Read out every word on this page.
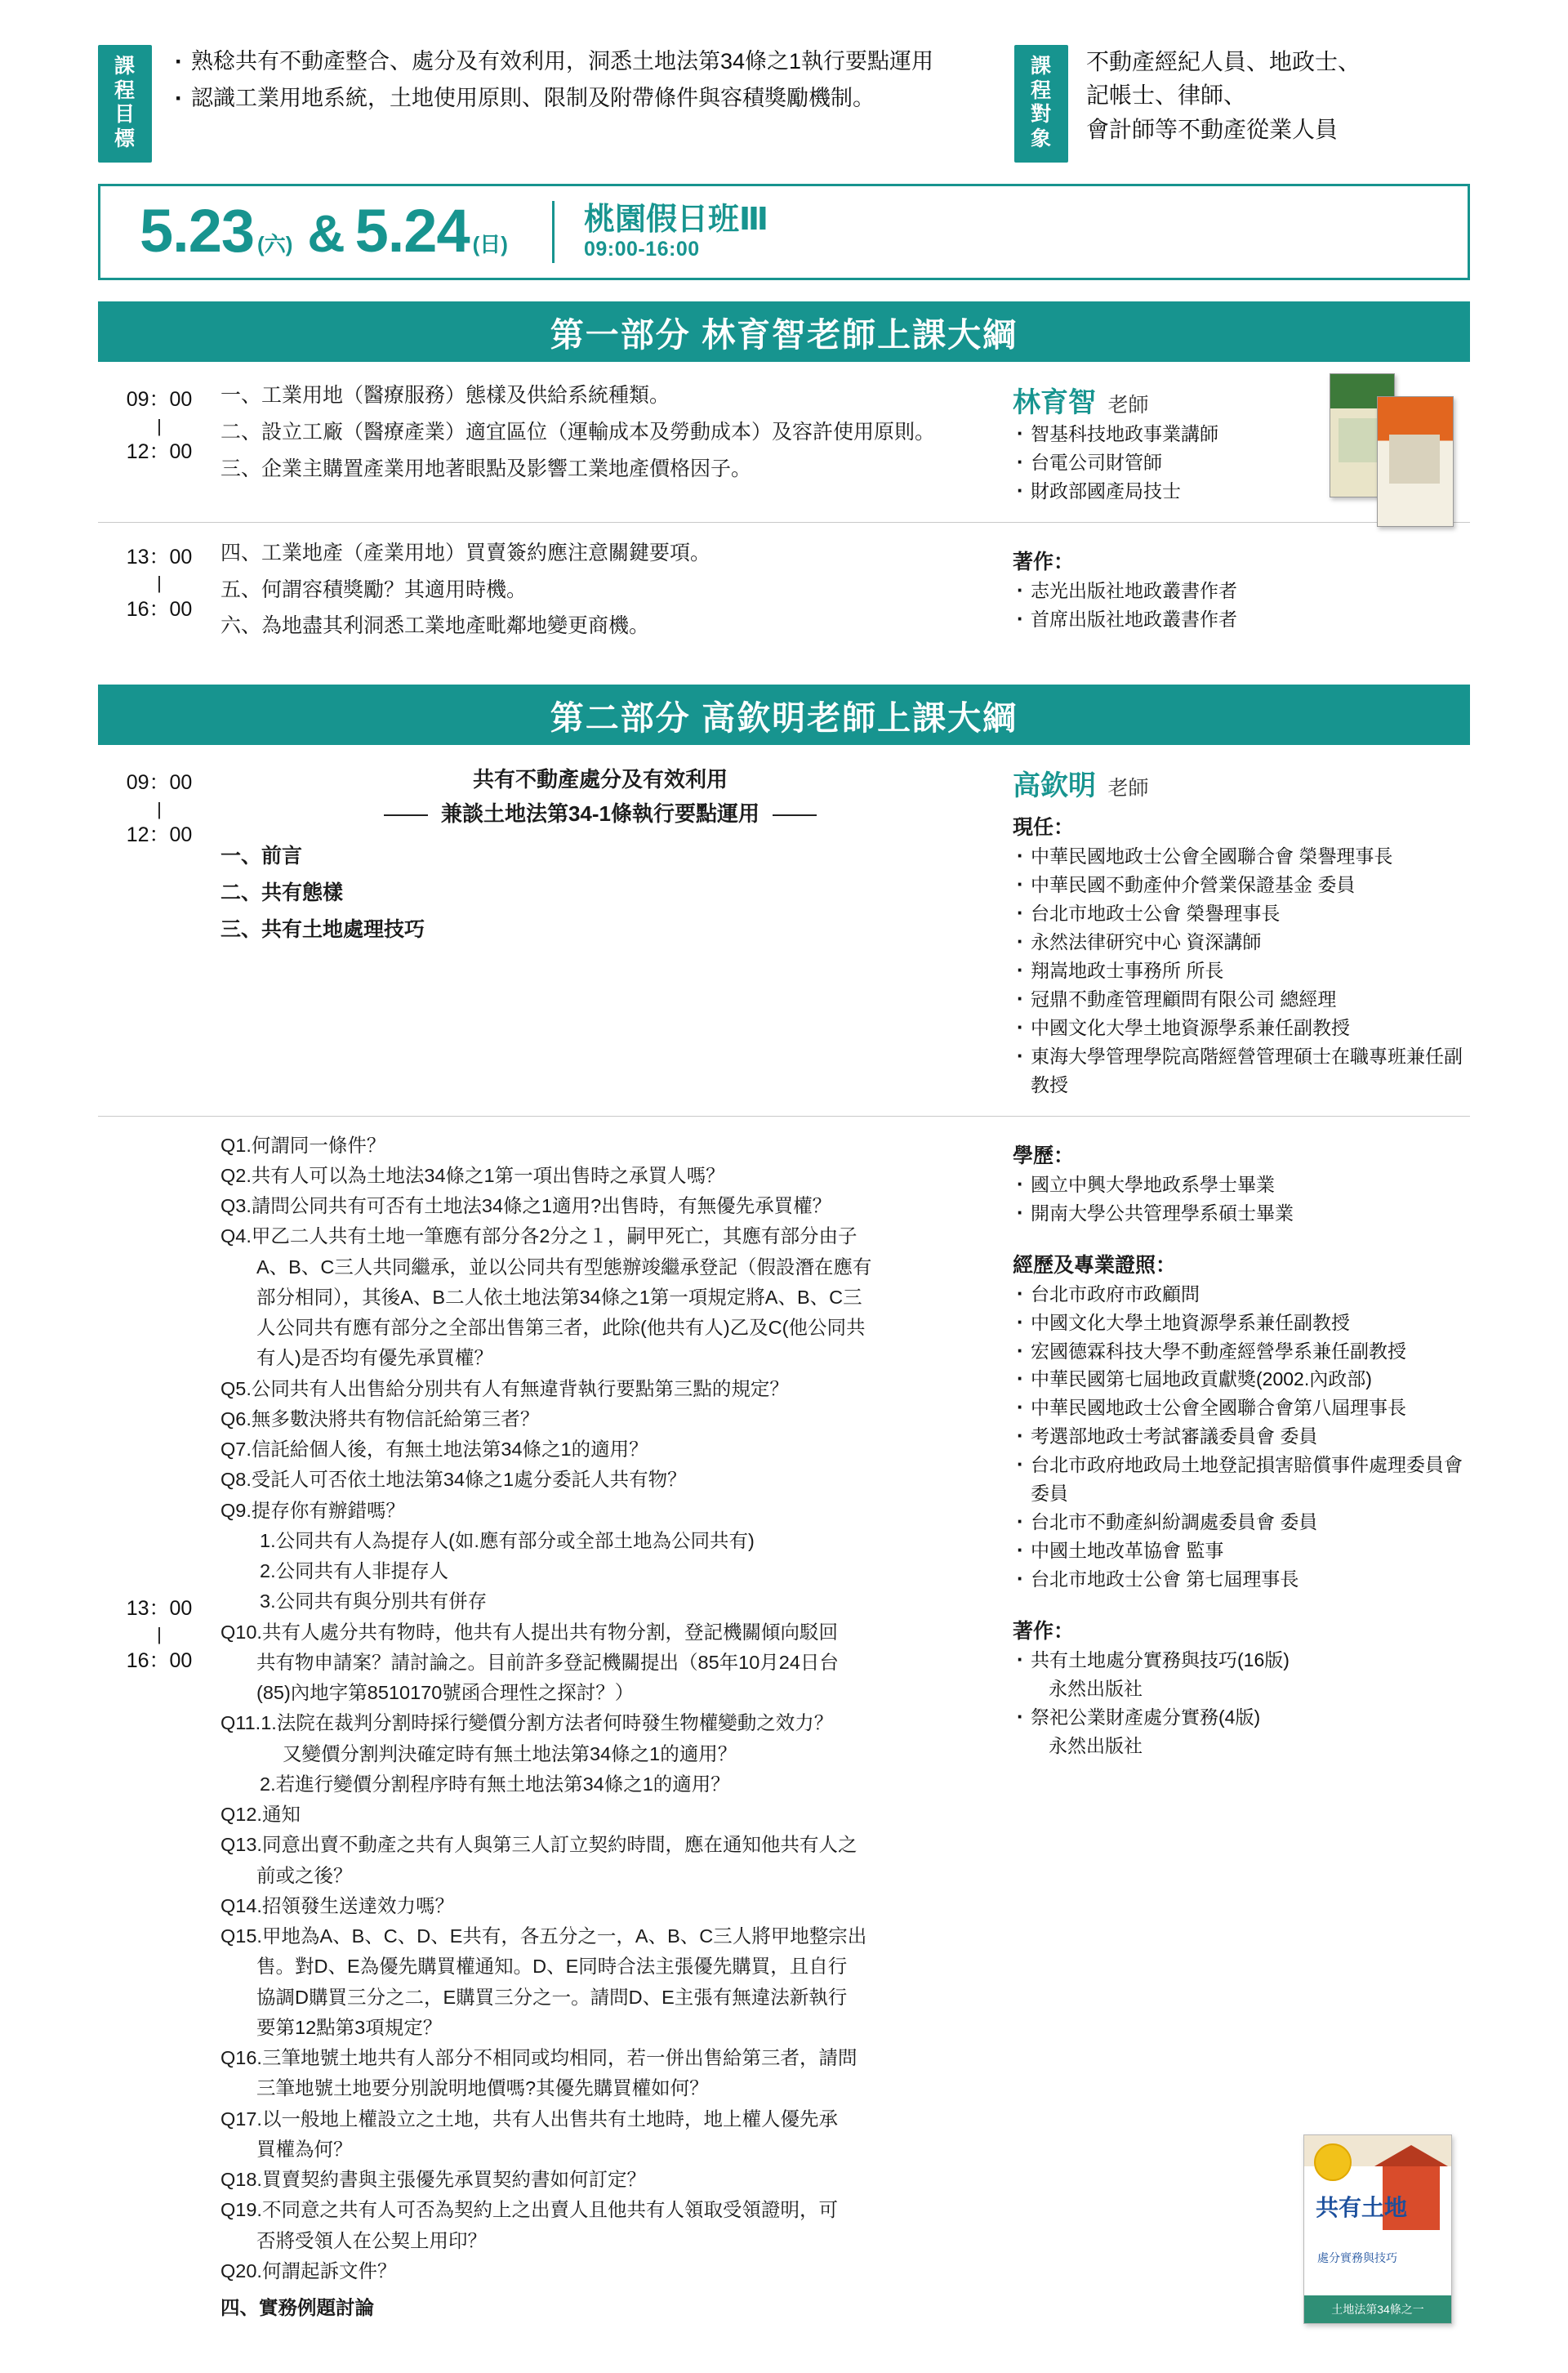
課
程
目
標
· 熟稔共有不動產整合、處分及有效利用，洞悉土地法第34條之1執行要點運用
· 認識工業用地系統，土地使用原則、限制及附帶條件與容積獎勵機制。
課
程
對
象
不動產經紀人員、地政士、
記帳士、律師、
會計師等不動產從業人員
5.23 (六) & 5.24 (日)
桃園假日班Ⅲ
09:00-16:00
第一部分 林育智老師上課大綱
09：00
|
12：00

一、工業用地（醫療服務）態樣及供給系統種類。

二、設立工廠（醫療產業）適宜區位（運輸成本及勞動成本）及容許使用原則。

三、企業主購置產業用地著眼點及影響工業地產價格因子。

林育智 老師
· 智基科技地政事業講師
· 台電公司財管師
· 財政部國產局技士
13：00
|
16：00

四、工業地產（產業用地）買賣簽約應注意關鍵要項。

五、何謂容積獎勵？其適用時機。

六、為地盡其利洞悉工業地產毗鄰地變更商機。

著作：
· 志光出版社地政叢書作者
· 首席出版社地政叢書作者
第二部分 高欽明老師上課大綱
09：00
|
12：00
共有不動產處分及有效利用
兼談土地法第34-1條執行要點運用

一、前言

二、共有態樣

三、共有土地處理技巧

高欽明 老師
現任：
· 中華民國地政士公會全國聯合會 榮譽理事長
· 中華民國不動產仲介營業保證基金 委員
· 台北市地政士公會 榮譽理事長
· 永然法律研究中心 資深講師
· 翔嵩地政士事務所 所長
· 冠鼎不動產管理顧問有限公司 總經理
· 中國文化大學土地資源學系兼任副教授
· 東海大學管理學院高階經營管理碩士在職專班兼任副教授
13：00
|
16：00

Q1.何謂同一條件？

Q2.共有人可以為土地法34條之1第一項出售時之承買人嗎？

Q3.請問公同共有可否有土地法34條之1適用?出售時，有無優先承買權？

Q4.甲乙二人共有土地一筆應有部分各2分之１，嗣甲死亡，其應有部分由子

A、B、C三人共同繼承，並以公同共有型態辦竣繼承登記（假設潛在應有

部分相同），其後A、B二人依土地法第34條之1第一項規定將A、B、C三

人公同共有應有部分之全部出售第三者，此除(他共有人)乙及C(他公同共

有人)是否均有優先承買權？

Q5.公同共有人出售給分別共有人有無違背執行要點第三點的規定？

Q6.無多數決將共有物信託給第三者？

Q7.信託給個人後，有無土地法第34條之1的適用？

Q8.受託人可否依土地法第34條之1處分委託人共有物？

Q9.提存你有辦錯嗎？

1.公同共有人為提存人(如.應有部分或全部土地為公同共有)

2.公同共有人非提存人

3.公同共有與分別共有併存

Q10.共有人處分共有物時，他共有人提出共有物分割，登記機關傾向駁回

共有物申請案？請討論之。目前許多登記機關提出（85年10月24日台

(85)內地字第8510170號函合理性之探討？）

Q11.1.法院在裁判分割時採行變價分割方法者何時發生物權變動之效力？

又變價分割判決確定時有無土地法第34條之1的適用？

2.若進行變價分割程序時有無土地法第34條之1的適用？

Q12.通知

Q13.同意出賣不動產之共有人與第三人訂立契約時間，應在通知他共有人之

前或之後？

Q14.招領發生送達效力嗎？

Q15.甲地為A、B、C、D、E共有，各五分之一，A、B、C三人將甲地整宗出

售。對D、E為優先購買權通知。D、E同時合法主張優先購買，且自行

協調D購買三分之二，E購買三分之一。請問D、E主張有無違法新執行

要第12點第3項規定？

Q16.三筆地號土地共有人部分不相同或均相同，若一併出售給第三者，請問

三筆地號土地要分別說明地價嗎?其優先購買權如何？

Q17.以一般地上權設立之土地，共有人出售共有土地時，地上權人優先承

買權為何？

Q18.買賣契約書與主張優先承買契約書如何訂定？

Q19.不同意之共有人可否為契約上之出賣人且他共有人領取受領證明，可

否將受領人在公契上用印？

Q20.何謂起訴文件？

四、實務例題討論

學歷：
· 國立中興大學地政系學士畢業
· 開南大學公共管理學系碩士畢業
經歷及專業證照：
· 台北市政府市政顧問
· 中國文化大學土地資源學系兼任副教授
· 宏國德霖科技大學不動產經營學系兼任副教授
· 中華民國第七屆地政貢獻獎(2002.內政部)
· 中華民國地政士公會全國聯合會第八屆理事長
· 考選部地政士考試審議委員會 委員
· 台北市政府地政局土地登記損害賠償事件處理委員會委員
· 台北市不動產糾紛調處委員會 委員
· 中國土地改革協會 監事
· 台北市地政士公會 第七屆理事長
著作：
· 共有土地處分實務與技巧(16版)
永然出版社
· 祭祀公業財產處分實務(4版)
永然出版社
共有土地
處分實務與技巧
土地法第34條之一
